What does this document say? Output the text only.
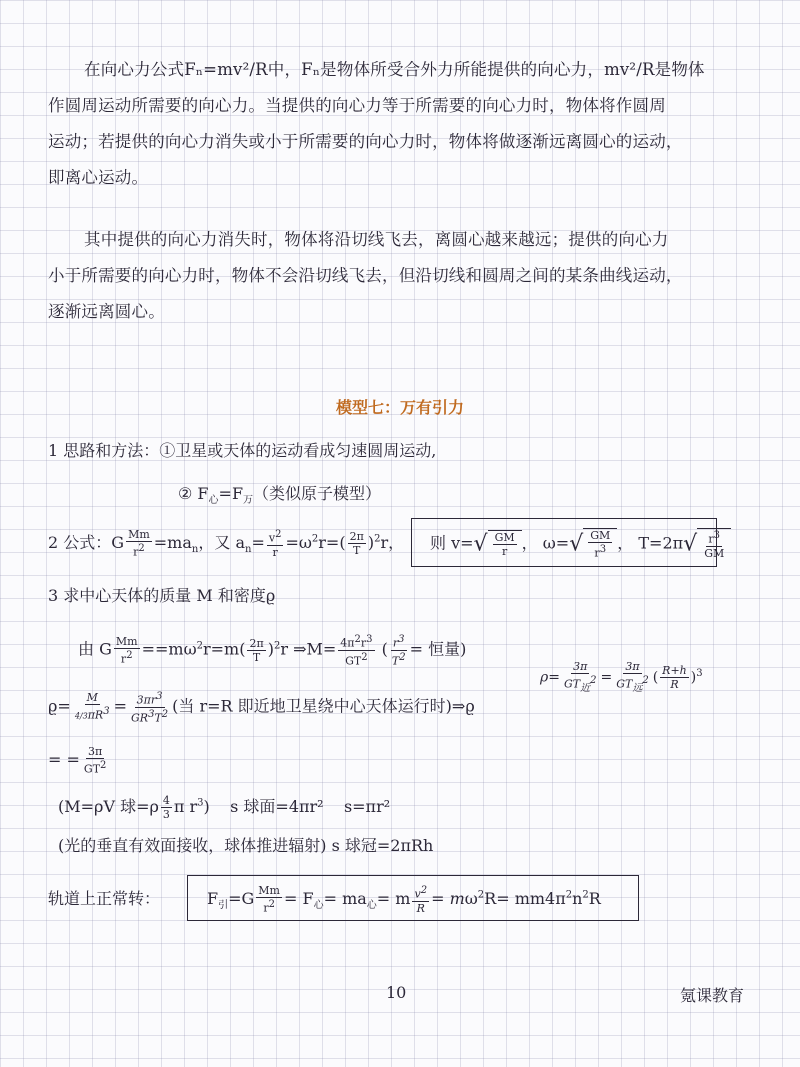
在向心力公式Fₙ=mv²/R中，Fₙ是物体所受合外力所能提供的向心力，mv²/R是物体
作圆周运动所需要的向心力。当提供的向心力等于所需要的向心力时，物体将作圆周
运动；若提供的向心力消失或小于所需要的向心力时，物体将做逐渐远离圆心的运动，
即离心运动。
其中提供的向心力消失时，物体将沿切线飞去，离圆心越来越远；提供的向心力
小于所需要的向心力时，物体不会沿切线飞去，但沿切线和圆周之间的某条曲线运动，
逐渐远离圆心。
模型七：万有引力
1 思路和方法：①卫星或天体的运动看成匀速圆周运动,
② $F_心=F_万$（类似原子模型）
2 公式：G $\frac{Mm}{r^2} =ma_n$，又 $a_n= \frac{v^2}{r} =\omega^2r=( \frac{2\pi}{T} )^2r$， 则 $v=√ \frac{GM}{r}$ ， $\omega=√ \frac{GM}{r^3}$ ， $T=2\pi√ \frac{r^3}{GM}$
3 求中心天体的质量 M 和密度ϱ
由 G $\frac{Mm}{r^2} ==m\omega^2r=m( \frac{2\pi}{T} )^2r$ ⇒M= $\frac{4\pi^2r^3}{GT^2}$ ( $\frac{r^3}{T^2}$ = 恒量)
$\rho= \frac{3\pi}{GT_近^2} = \frac{3\pi}{GT_远^2}$ ( $\frac{R+h}{R} )^3$
$ϱ= \frac{M}{4/3\pi R^3} = \frac{3\pi r^3}{GR^3T^2}$ (当 r=R 即近地卫星绕中心天体运行时)⇒ϱ
= = $\frac{3\pi}{GT^2}$
(M=ρV 球$=\rho \frac{4}{3}$ π $r^3$)    s 球面=4πr² s=πr²
(光的垂直有效面接收，球体推进辐射) s 球冠=2πRh
轨道上正常转：	$F_引=G \frac{Mm}{r^2} = F_心= ma_心= m \frac{v^2}{R} = m\omega^2R= mm4\pi^2n^2R$
10	氪课教育
